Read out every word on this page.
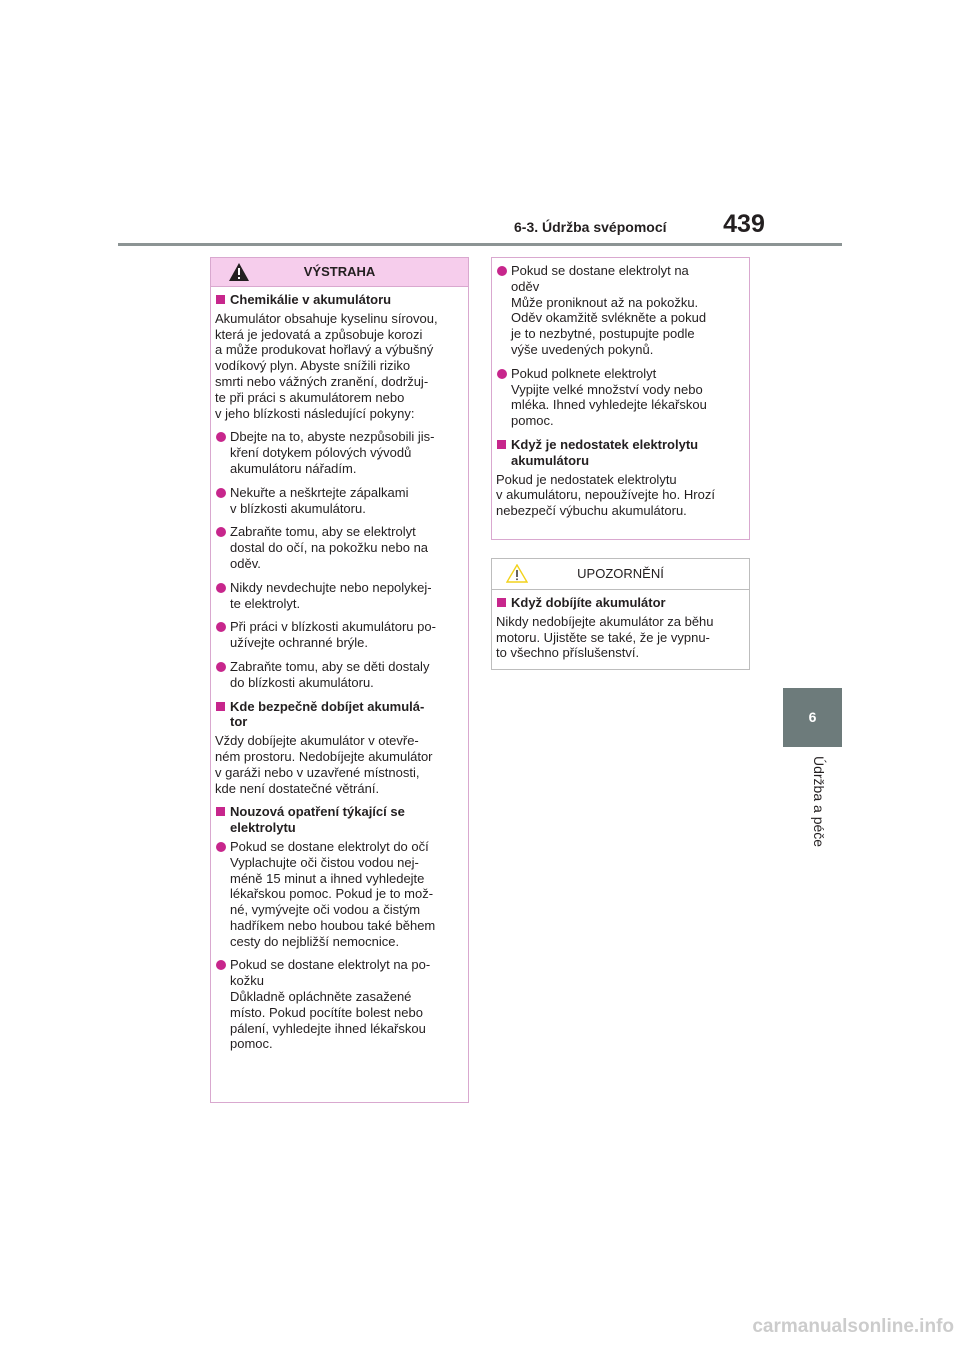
6-3. Údržba svépomocí	439
6
Údržba a péče
VÝSTRAHA
Chemikálie v akumulátoru

Akumulátor obsahuje kyselinu sírovou,
která je jedovatá a způsobuje korozi
a může produkovat hořlavý a výbušný
vodíkový plyn. Abyste snížili riziko
smrti nebo vážných zranění, dodržuj-
te při práci s akumulátorem nebo
v jeho blízkosti následující pokyny:

Dbejte na to, abyste nezpůsobili jis-
kření dotykem pólových vývodů
akumulátoru nářadím.
Nekuřte a neškrtejte zápalkami
v blízkosti akumulátoru.
Zabraňte tomu, aby se elektrolyt
dostal do očí, na pokožku nebo na
oděv.
Nikdy nevdechujte nebo nepolykej-
te elektrolyt.
Při práci v blízkosti akumulátoru po-
užívejte ochranné brýle.
Zabraňte tomu, aby se děti dostaly
do blízkosti akumulátoru.
Kde bezpečně dobíjet akumulá-
tor

Vždy dobíjejte akumulátor v otevře-
ném prostoru. Nedobíjejte akumulátor
v garáži nebo v uzavřené místnosti,
kde není dostatečné větrání.

Nouzová opatření týkající se
elektrolytu
Pokud se dostane elektrolyt do očí
Vyplachujte oči čistou vodou nej-
méně 15 minut a ihned vyhledejte
lékařskou pomoc. Pokud je to mož-
né, vymývejte oči vodou a čistým
hadříkem nebo houbou také během
cesty do nejbližší nemocnice.
Pokud se dostane elektrolyt na po-
kožku
Důkladně opláchněte zasažené
místo. Pokud pocítíte bolest nebo
pálení, vyhledejte ihned lékařskou
pomoc.
Pokud se dostane elektrolyt na
oděv
Může proniknout až na pokožku.
Oděv okamžitě svlékněte a pokud
je to nezbytné, postupujte podle
výše uvedených pokynů.
Pokud polknete elektrolyt
Vypijte velké množství vody nebo
mléka. Ihned vyhledejte lékařskou
pomoc.
Když je nedostatek elektrolytu
akumulátoru

Pokud je nedostatek elektrolytu
v akumulátoru, nepoužívejte ho. Hrozí
nebezpečí výbuchu akumulátoru.

UPOZORNĚNÍ
Když dobíjíte akumulátor

Nikdy nedobíjejte akumulátor za běhu
motoru. Ujistěte se také, že je vypnu-
to všechno příslušenství.

carmanualsonline.info
